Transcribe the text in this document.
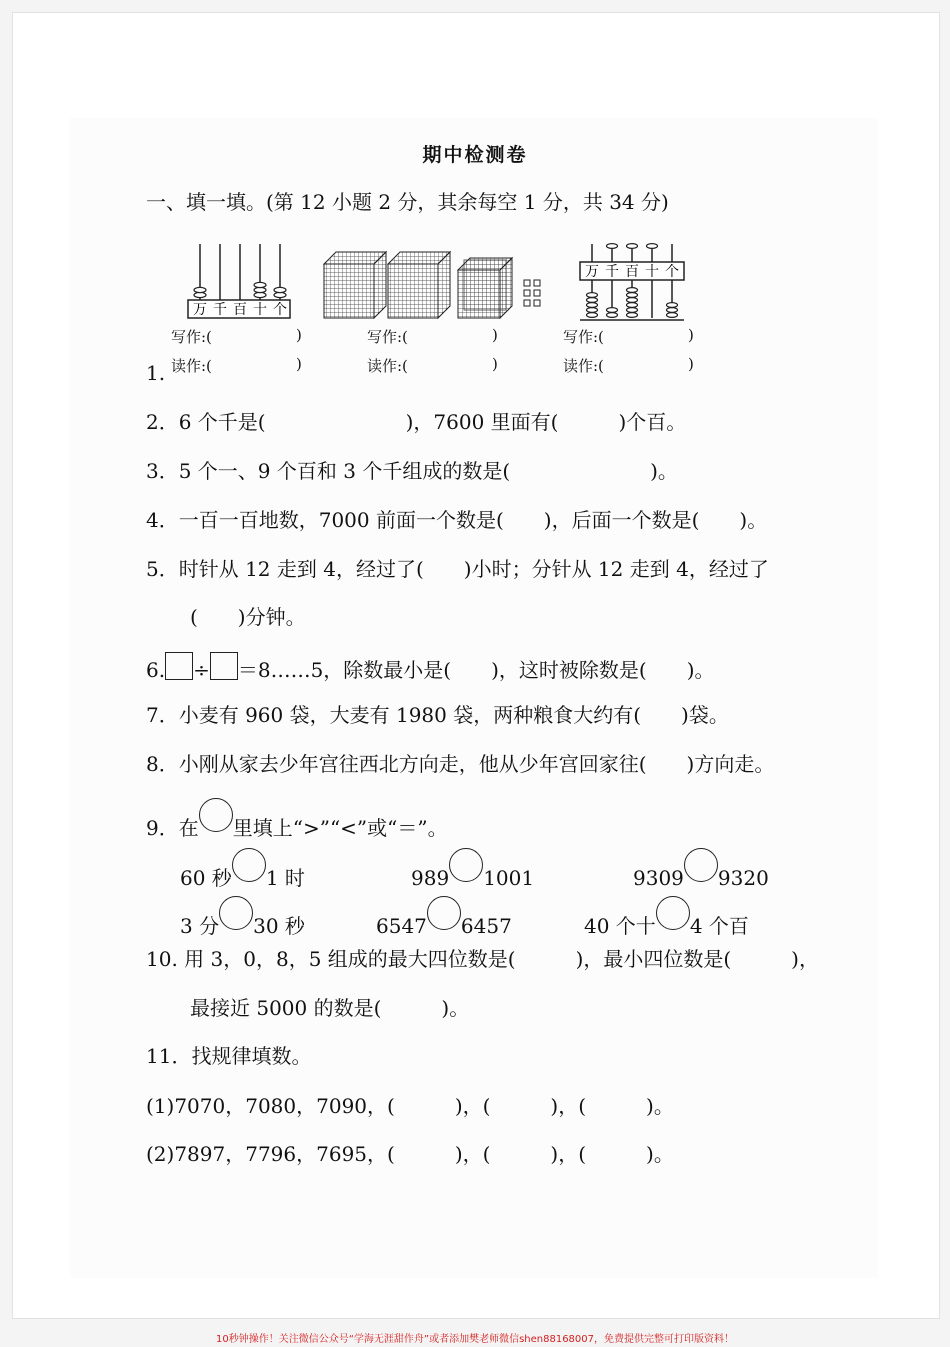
期中检测卷
一、填一填。(第 12 小题 2 分，其余每空 1 分，共 34 分)
万 千 百 十 个
万 千 百 十 个
写作:(	)	写作:(	)	写作:(	)
读作:(	)	读作:(	)	读作:(	)
1.
2．6 个千是(　　　　　　　)，7600 里面有(　　　)个百。
3．5 个一、9 个百和 3 个千组成的数是(　　　　　　　)。
4．一百一百地数，7000 前面一个数是(　　)，后面一个数是(　　)。
5．时针从 12 走到 4，经过了(　　)小时；分针从 12 走到 4，经过了
(　　)分钟。
6. ÷ ＝8……5，除数最小是(　　)，这时被除数是(　　)。
7．小麦有 960 袋，大麦有 1980 袋，两种粮食大约有(　　)袋。
8．小刚从家去少年宫往西北方向走，他从少年宫回家往(　　)方向走。
9．在 里填上“>”“<”或“＝”。
60 秒 1 时	989 1001	9309 9320
3 分 30 秒	6547 6457	40 个十 4 个百
10. 用 3，0，8，5 组成的最大四位数是(　　　)，最小四位数是(　　　)，
最接近 5000 的数是(　　　)。
11．找规律填数。
(1)7070，7080，7090，(　　　)，(　　　)，(　　　)。
(2)7897，7796，7695，(　　　)，(　　　)，(　　　)。
10秒钟操作！关注微信公众号“学海无涯甜作舟”或者添加樊老师微信shen88168007，免费提供完整可打印版资料！
